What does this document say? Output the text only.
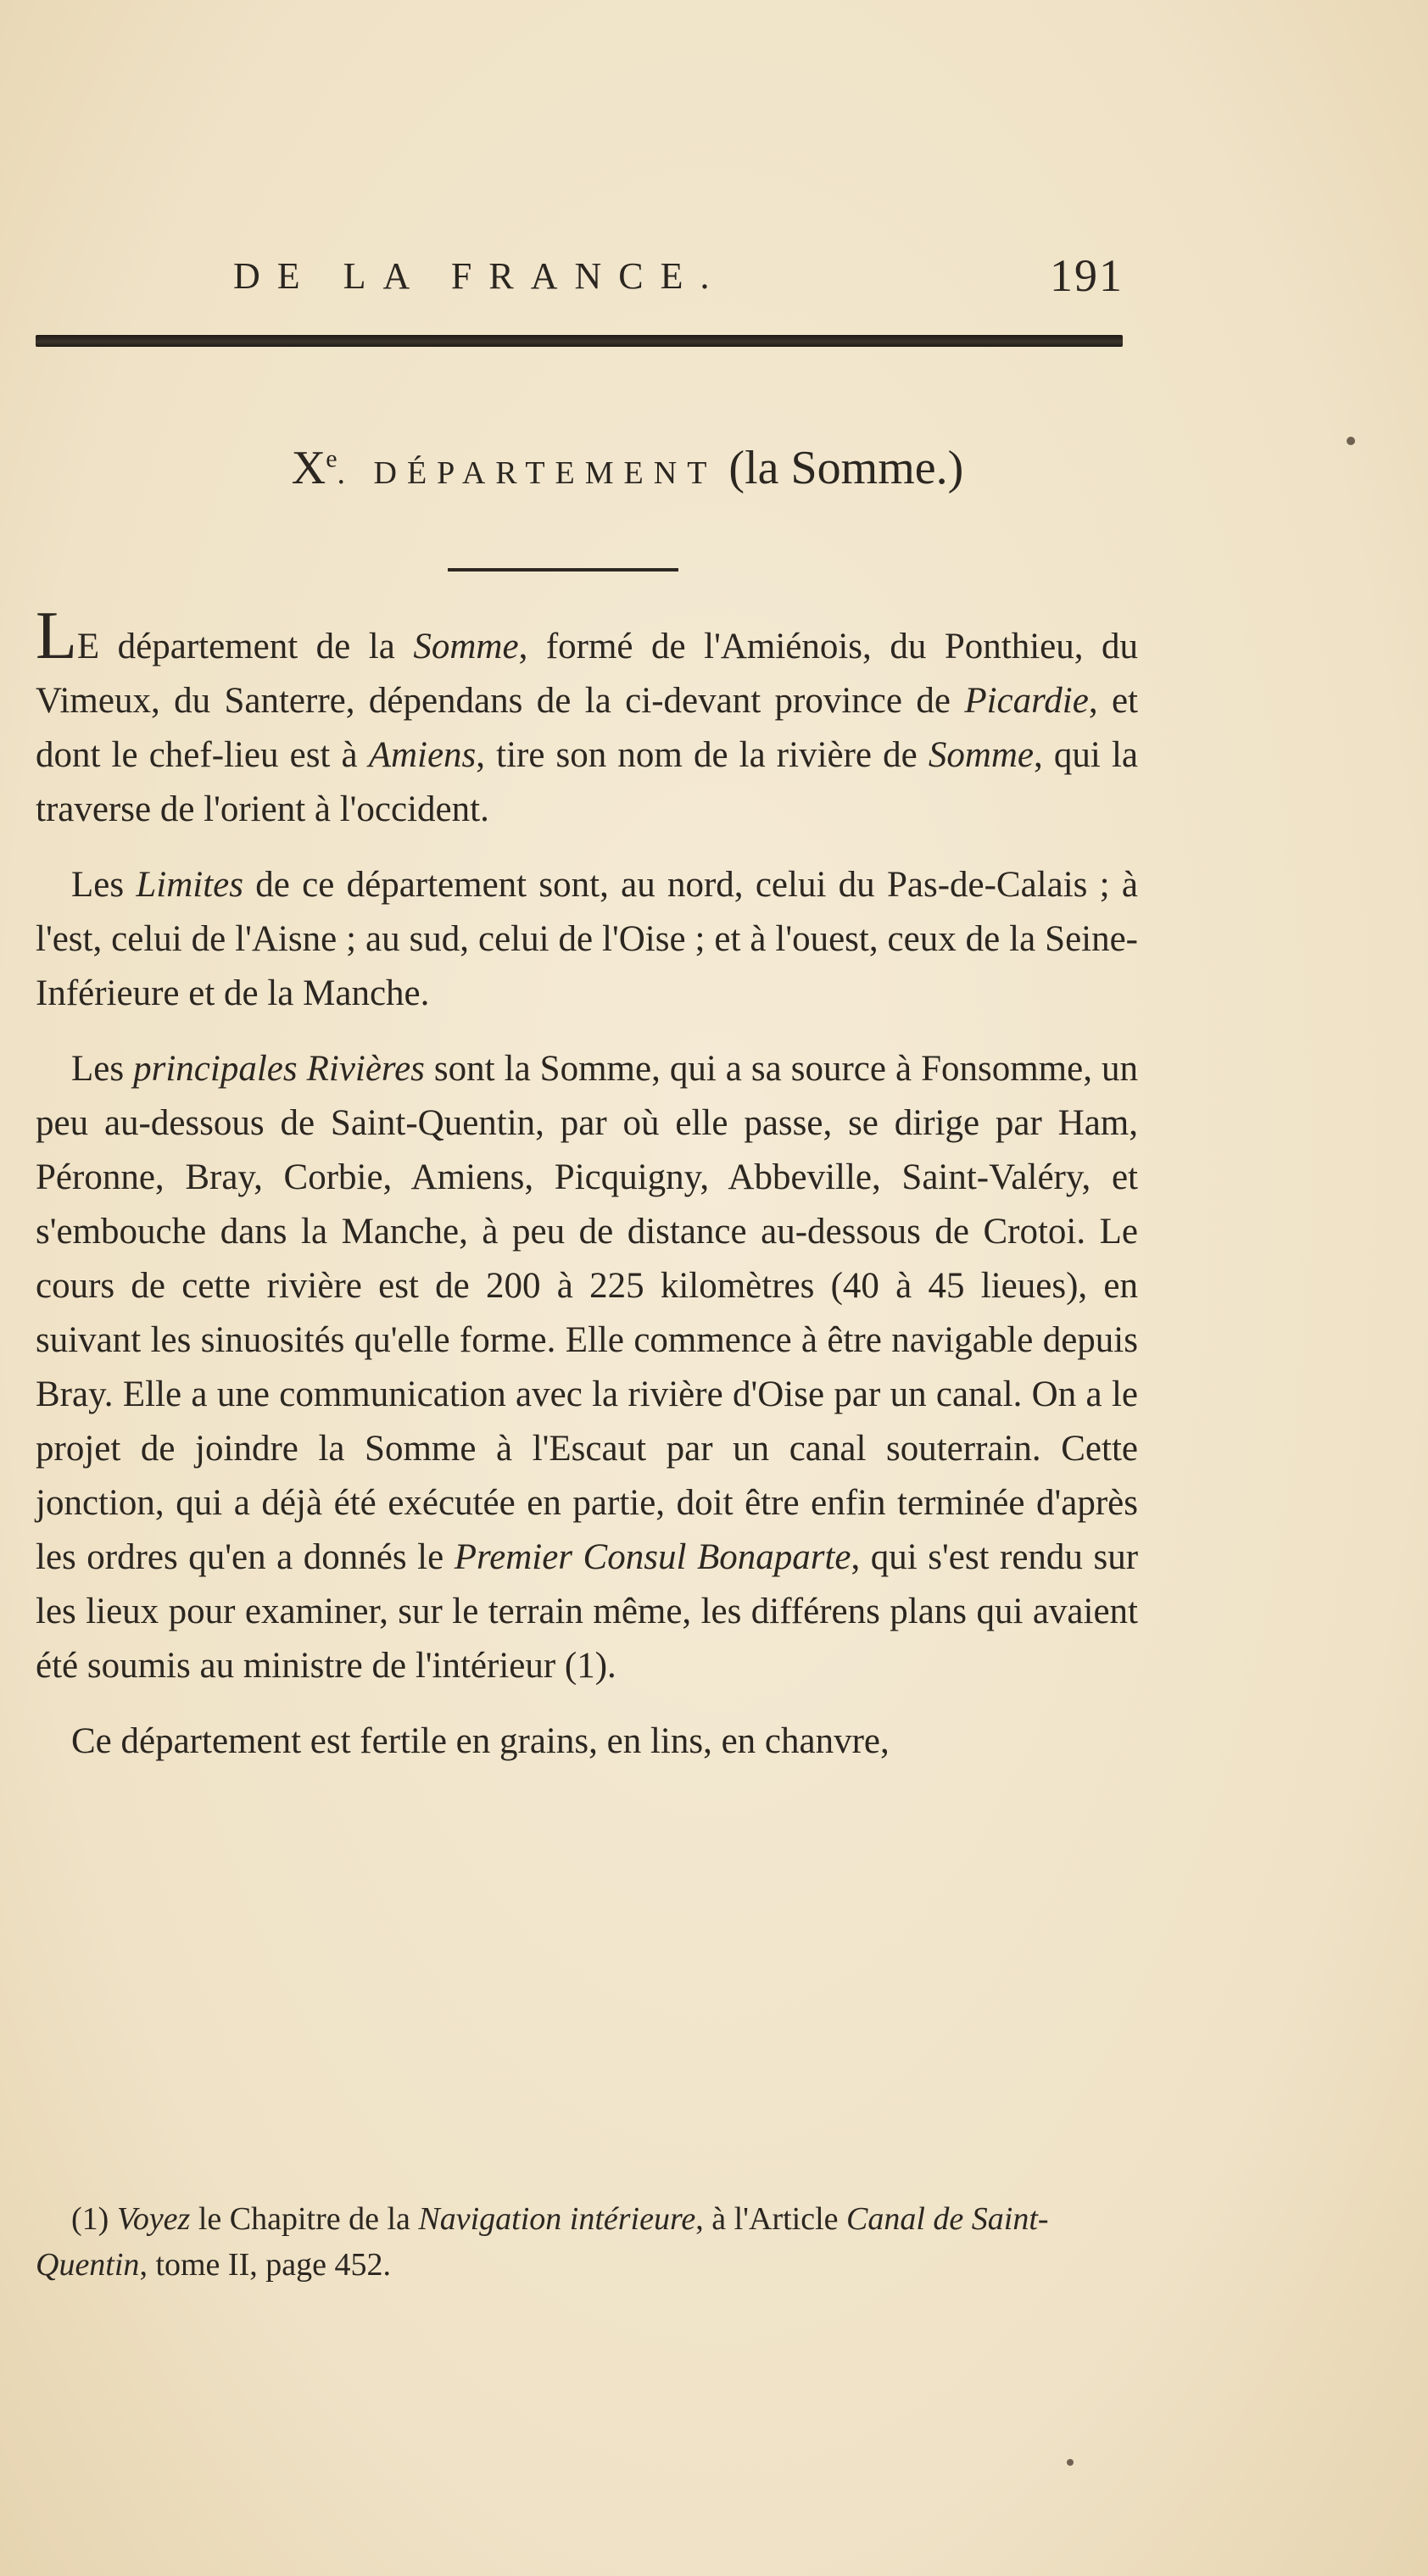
DE LA FRANCE.	191
Xe. DÉPARTEMENT (la Somme.)

LE département de la Somme, formé de l'Amiénois, du Ponthieu, du Vimeux, du Santerre, dépendans de la ci-devant province de Picardie, et dont le chef-lieu est à Amiens, tire son nom de la rivière de Somme, qui la traverse de l'orient à l'occident.

Les Limites de ce département sont, au nord, celui du Pas-de-Calais ; à l'est, celui de l'Aisne ; au sud, celui de l'Oise ; et à l'ouest, ceux de la Seine-Inférieure et de la Manche.

Les principales Rivières sont la Somme, qui a sa source à Fonsomme, un peu au-dessous de Saint-Quentin, par où elle passe, se dirige par Ham, Péronne, Bray, Corbie, Amiens, Picquigny, Abbeville, Saint-Valéry, et s'embouche dans la Manche, à peu de distance au-dessous de Crotoi. Le cours de cette rivière est de 200 à 225 kilomètres (40 à 45 lieues), en suivant les sinuosités qu'elle forme. Elle commence à être navigable depuis Bray. Elle a une communication avec la rivière d'Oise par un canal. On a le projet de joindre la Somme à l'Escaut par un canal souterrain. Cette jonction, qui a déjà été exécutée en partie, doit être enfin terminée d'après les ordres qu'en a donnés le Premier Consul Bonaparte, qui s'est rendu sur les lieux pour examiner, sur le terrain même, les différens plans qui avaient été soumis au ministre de l'intérieur (1).

Ce département est fertile en grains, en lins, en chanvre,

(1) Voyez le Chapitre de la Navigation intérieure, à l'Article Canal de Saint-Quentin, tome II, page 452.
